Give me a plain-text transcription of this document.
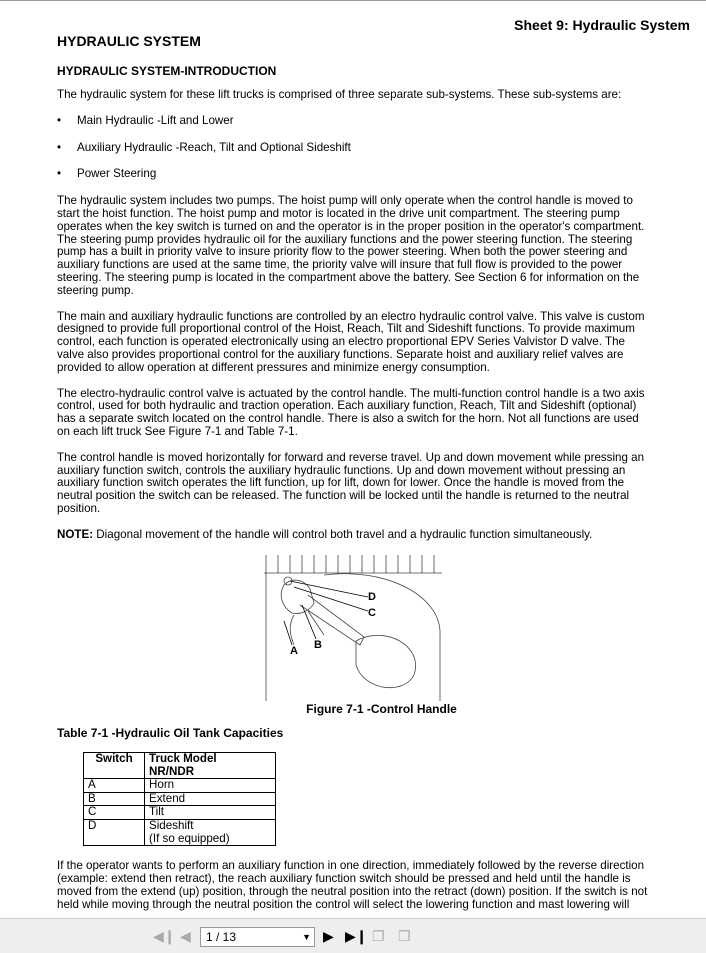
Sheet 9: Hydraulic System
HYDRAULIC SYSTEM
HYDRAULIC SYSTEM-INTRODUCTION

The hydraulic system for these lift trucks is comprised of three separate sub-systems. These sub-systems are:

• Main Hydraulic -Lift and Lower
• Auxiliary Hydraulic -Reach, Tilt and Optional Sideshift
• Power Steering

The hydraulic system includes two pumps. The hoist pump will only operate when the control handle is moved to start the hoist function. The hoist pump and motor is located in the drive unit compartment. The steering pump operates when the key switch is turned on and the operator is in the proper position in the operator's compartment. The steering pump provides hydraulic oil for the auxiliary functions and the power steering function. The steering pump has a built in priority valve to insure priority flow to the power steering. When both the power steering and auxiliary functions are used at the same time, the priority valve will insure that full flow is provided to the power steering. The steering pump is located in the compartment above the battery. See Section 6 for information on the steering pump.

The main and auxiliary hydraulic functions are controlled by an electro hydraulic control valve. This valve is custom designed to provide full proportional control of the Hoist, Reach, Tilt and Sideshift functions. To provide maximum control, each function is operated electronically using an electro proportional EPV Series Valvistor D valve. The valve also provides proportional control for the auxiliary functions. Separate hoist and auxiliary relief valves are provided to allow operation at different pressures and minimize energy consumption.

The electro-hydraulic control valve is actuated by the control handle. The multi-function control handle is a two axis control, used for both hydraulic and traction operation. Each auxiliary function, Reach, Tilt and Sideshift (optional) has a separate switch located on the control handle. There is also a switch for the horn. Not all functions are used on each lift truck See Figure 7-1 and Table 7-1.

The control handle is moved horizontally for forward and reverse travel. Up and down movement while pressing an auxiliary function switch, controls the auxiliary hydraulic functions. Up and down movement without pressing an auxiliary function switch operates the lift function, up for lift, down for lower. Once the handle is moved from the neutral position the switch can be released. The function will be locked until the handle is returned to the neutral position.

NOTE: Diagonal movement of the handle will control both travel and a hydraulic function simultaneously.

A B
C
D
Figure 7-1 -Control Handle
Table 7-1 -Hydraulic Oil Tank Capacities
Switch	Truck Model
NR/NDR
A	Horn
B	Extend
C	Tilt
D	Sideshift
(If so equipped)

If the operator wants to perform an auxiliary function in one direction, immediately followed by the reverse direction (example: extend then retract), the reach auxiliary function switch should be pressed and held until the handle is moved from the extend (up) position, through the neutral position into the retract (down) position. If the switch is not held while moving through the neutral position the control will select the lowering function and mast lowering will

◀​❙ ◀	1 / 13	▼ ▶ ▶❙ ❐ ❐
